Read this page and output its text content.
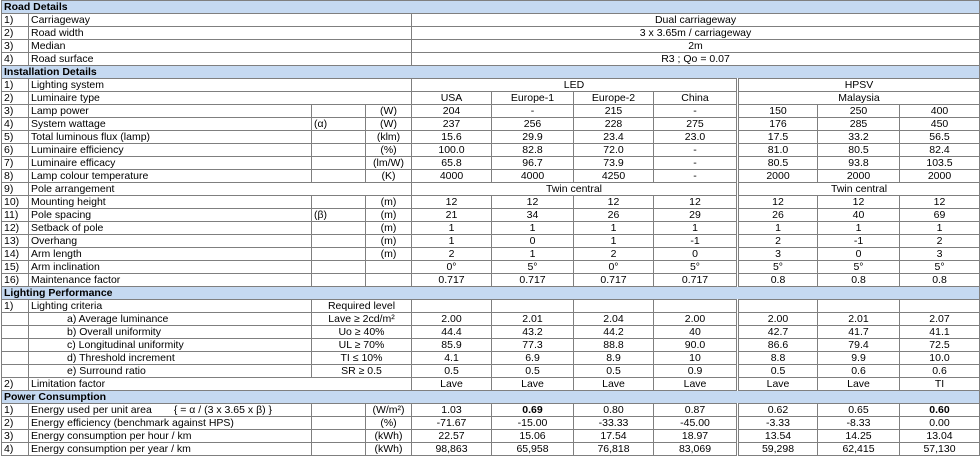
Road Details										
1)	Carriageway			Dual carriageway						
2)	Road width			3 x 3.65m / carriageway						
3)	Median			2m						
4)	Road surface			R3 ; Qo = 0.07						
Installation Details										
1)	Lighting system			LED				HPSV		
2)	Luminaire type			USA	Europe-1	Europe-2	China	Malaysia		
3)	Lamp power		(W)	204	-	215	-	150	250	400
4)	System wattage	(α)	(W)	237	256	228	275	176	285	450
5)	Total luminous flux (lamp)		(klm)	15.6	29.9	23.4	23.0	17.5	33.2	56.5
6)	Luminaire efficiency		(%)	100.0	82.8	72.0	-	81.0	80.5	82.4
7)	Luminaire efficacy		(lm/W)	65.8	96.7	73.9	-	80.5	93.8	103.5
8)	Lamp colour temperature		(K)	4000	4000	4250	-	2000	2000	2000
9)	Pole arrangement			Twin central				Twin central		
10)	Mounting height		(m)	12	12	12	12	12	12	12
11)	Pole spacing	(β)	(m)	21	34	26	29	26	40	69
12)	Setback of pole		(m)	1	1	1	1	1	1	1
13)	Overhang		(m)	1	0	1	-1	2	-1	2
14)	Arm length		(m)	2	1	2	0	3	0	3
15)	Arm inclination			0°	5°	0°	5°	5°	5°	5°
16)	Maintenance factor			0.717	0.717	0.717	0.717	0.8	0.8	0.8
Lighting Performance										
1)	Lighting criteria	Required level								
	a) Average luminance	Lave ≥ 2cd/m²		2.00	2.01	2.04	2.00	2.00	2.01	2.07
	b) Overall uniformity	Uo ≥ 40%		44.4	43.2	44.2	40	42.7	41.7	41.1
	c) Longitudinal uniformity	UL ≥ 70%		85.9	77.3	88.8	90.0	86.6	79.4	72.5
	d) Threshold increment	TI ≤ 10%		4.1	6.9	8.9	10	8.8	9.9	10.0
	e) Surround ratio	SR ≥ 0.5		0.5	0.5	0.5	0.9	0.5	0.6	0.6
2)	Limitation factor			Lave	Lave	Lave	Lave	Lave	Lave	TI
Power Consumption										
1)	Energy used per unit area { = α / (3 x 3.65 x β) }		(W/m²)	1.03	0.69	0.80	0.87	0.62	0.65	0.60
2)	Energy efficiency (benchmark against HPS)		(%)	-71.67	-15.00	-33.33	-45.00	-3.33	-8.33	0.00
3)	Energy consumption per hour / km		(kWh)	22.57	15.06	17.54	18.97	13.54	14.25	13.04
4)	Energy consumption per year / km		(kWh)	98,863	65,958	76,818	83,069	59,298	62,415	57,130
